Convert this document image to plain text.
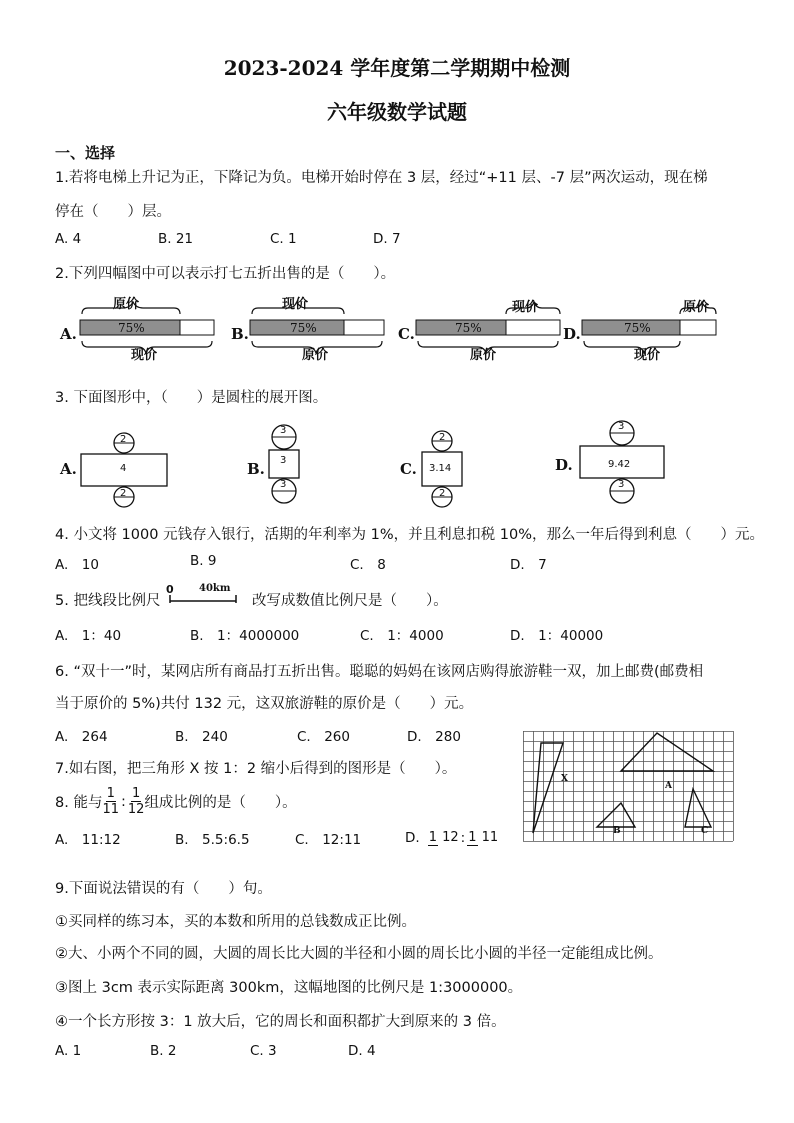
2023-2024 学年度第二学期期中检测
六年级数学试题
一、选择
1.若将电梯上升记为正，下降记为负。电梯开始时停在 3 层，经过“+11 层、-7 层”两次运动，现在梯
停在（　　）层。
A. 4	B. 21	C. 1	D. 7
2.下列四幅图中可以表示打七五折出售的是（　　）。
A.
原价
75%
现价
B.
现价
75%
原价
C.
现价
75%
原价
D.
原价
75%
现价
3. 下面图形中，（　　）是圆柱的展开图。
A.
2
4
2
B.
3
3
3
C.
2
3.14
2
D.
3
9.42
3
4. 小文将 1000 元钱存入银行，活期的年利率为 1%，并且利息扣税 10%，那么一年后得到利息（　　）元。
A.　10	B. 9	C.　8	D.　7
5. 把线段比例尺
0	40km
改写成数值比例尺是（　　）。
A.　1：40	B.　1：4000000	C.　1：4000	D.　1：40000
6. “双十一”时，某网店所有商品打五折出售。聪聪的妈妈在该网店购得旅游鞋一双，加上邮费(邮费相
当于原价的 5%)共付 132 元，这双旅游鞋的原价是（　　）元。
A.　264	B.　240	C.　260	D.　280
7.如右图，把三角形 X 按 1：2 缩小后得到的图形是（　　）。
X
A
B	C
8. 能与 $\frac{1}{11}$ : $\frac{1}{12}$ 组成比例的是（　　）。
A.　11:12	B.　5.5:6.5	C.　12:11	D. 1 12 : 1 11
9.下面说法错误的有（　　）句。
①买同样的练习本，买的本数和所用的总钱数成正比例。
②大、小两个不同的圆，大圆的周长比大圆的半径和小圆的周长比小圆的半径一定能组成比例。
③图上 3cm 表示实际距离 300km，这幅地图的比例尺是 1:3000000。
④一个长方形按 3：1 放大后，它的周长和面积都扩大到原来的 3 倍。
A. 1	B. 2	C. 3	D. 4
